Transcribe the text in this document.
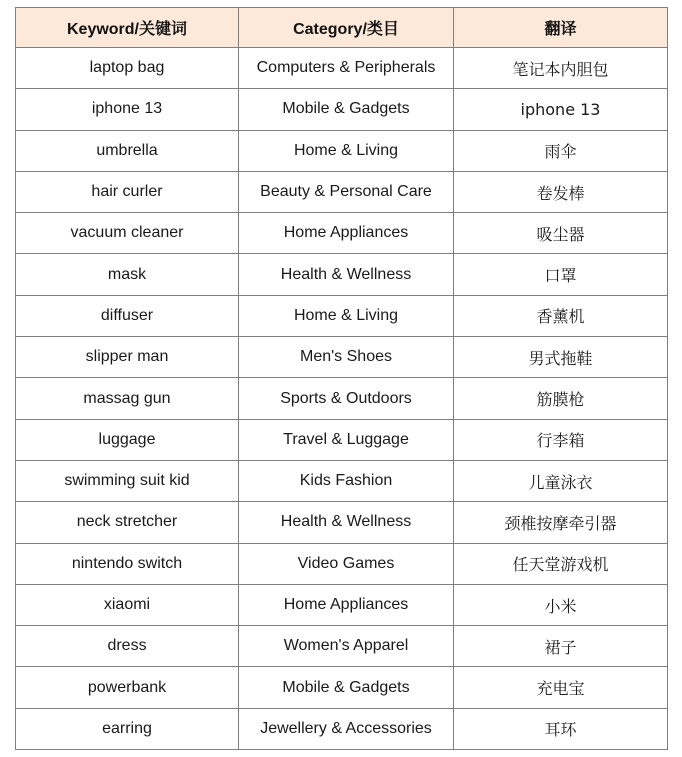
Keyword/关键词	Category/类目	翻译
laptop bag	Computers & Peripherals	笔记本内胆包
iphone 13	Mobile & Gadgets	iphone 13
umbrella	Home & Living	雨伞
hair curler	Beauty & Personal Care	卷发棒
vacuum cleaner	Home Appliances	吸尘器
mask	Health & Wellness	口罩
diffuser	Home & Living	香薰机
slipper man	Men's Shoes	男式拖鞋
massag gun	Sports & Outdoors	筋膜枪
luggage	Travel & Luggage	行李箱
swimming suit kid	Kids Fashion	儿童泳衣
neck stretcher	Health & Wellness	颈椎按摩牵引器
nintendo switch	Video Games	任天堂游戏机
xiaomi	Home Appliances	小米
dress	Women's Apparel	裙子
powerbank	Mobile & Gadgets	充电宝
earring	Jewellery & Accessories	耳环
